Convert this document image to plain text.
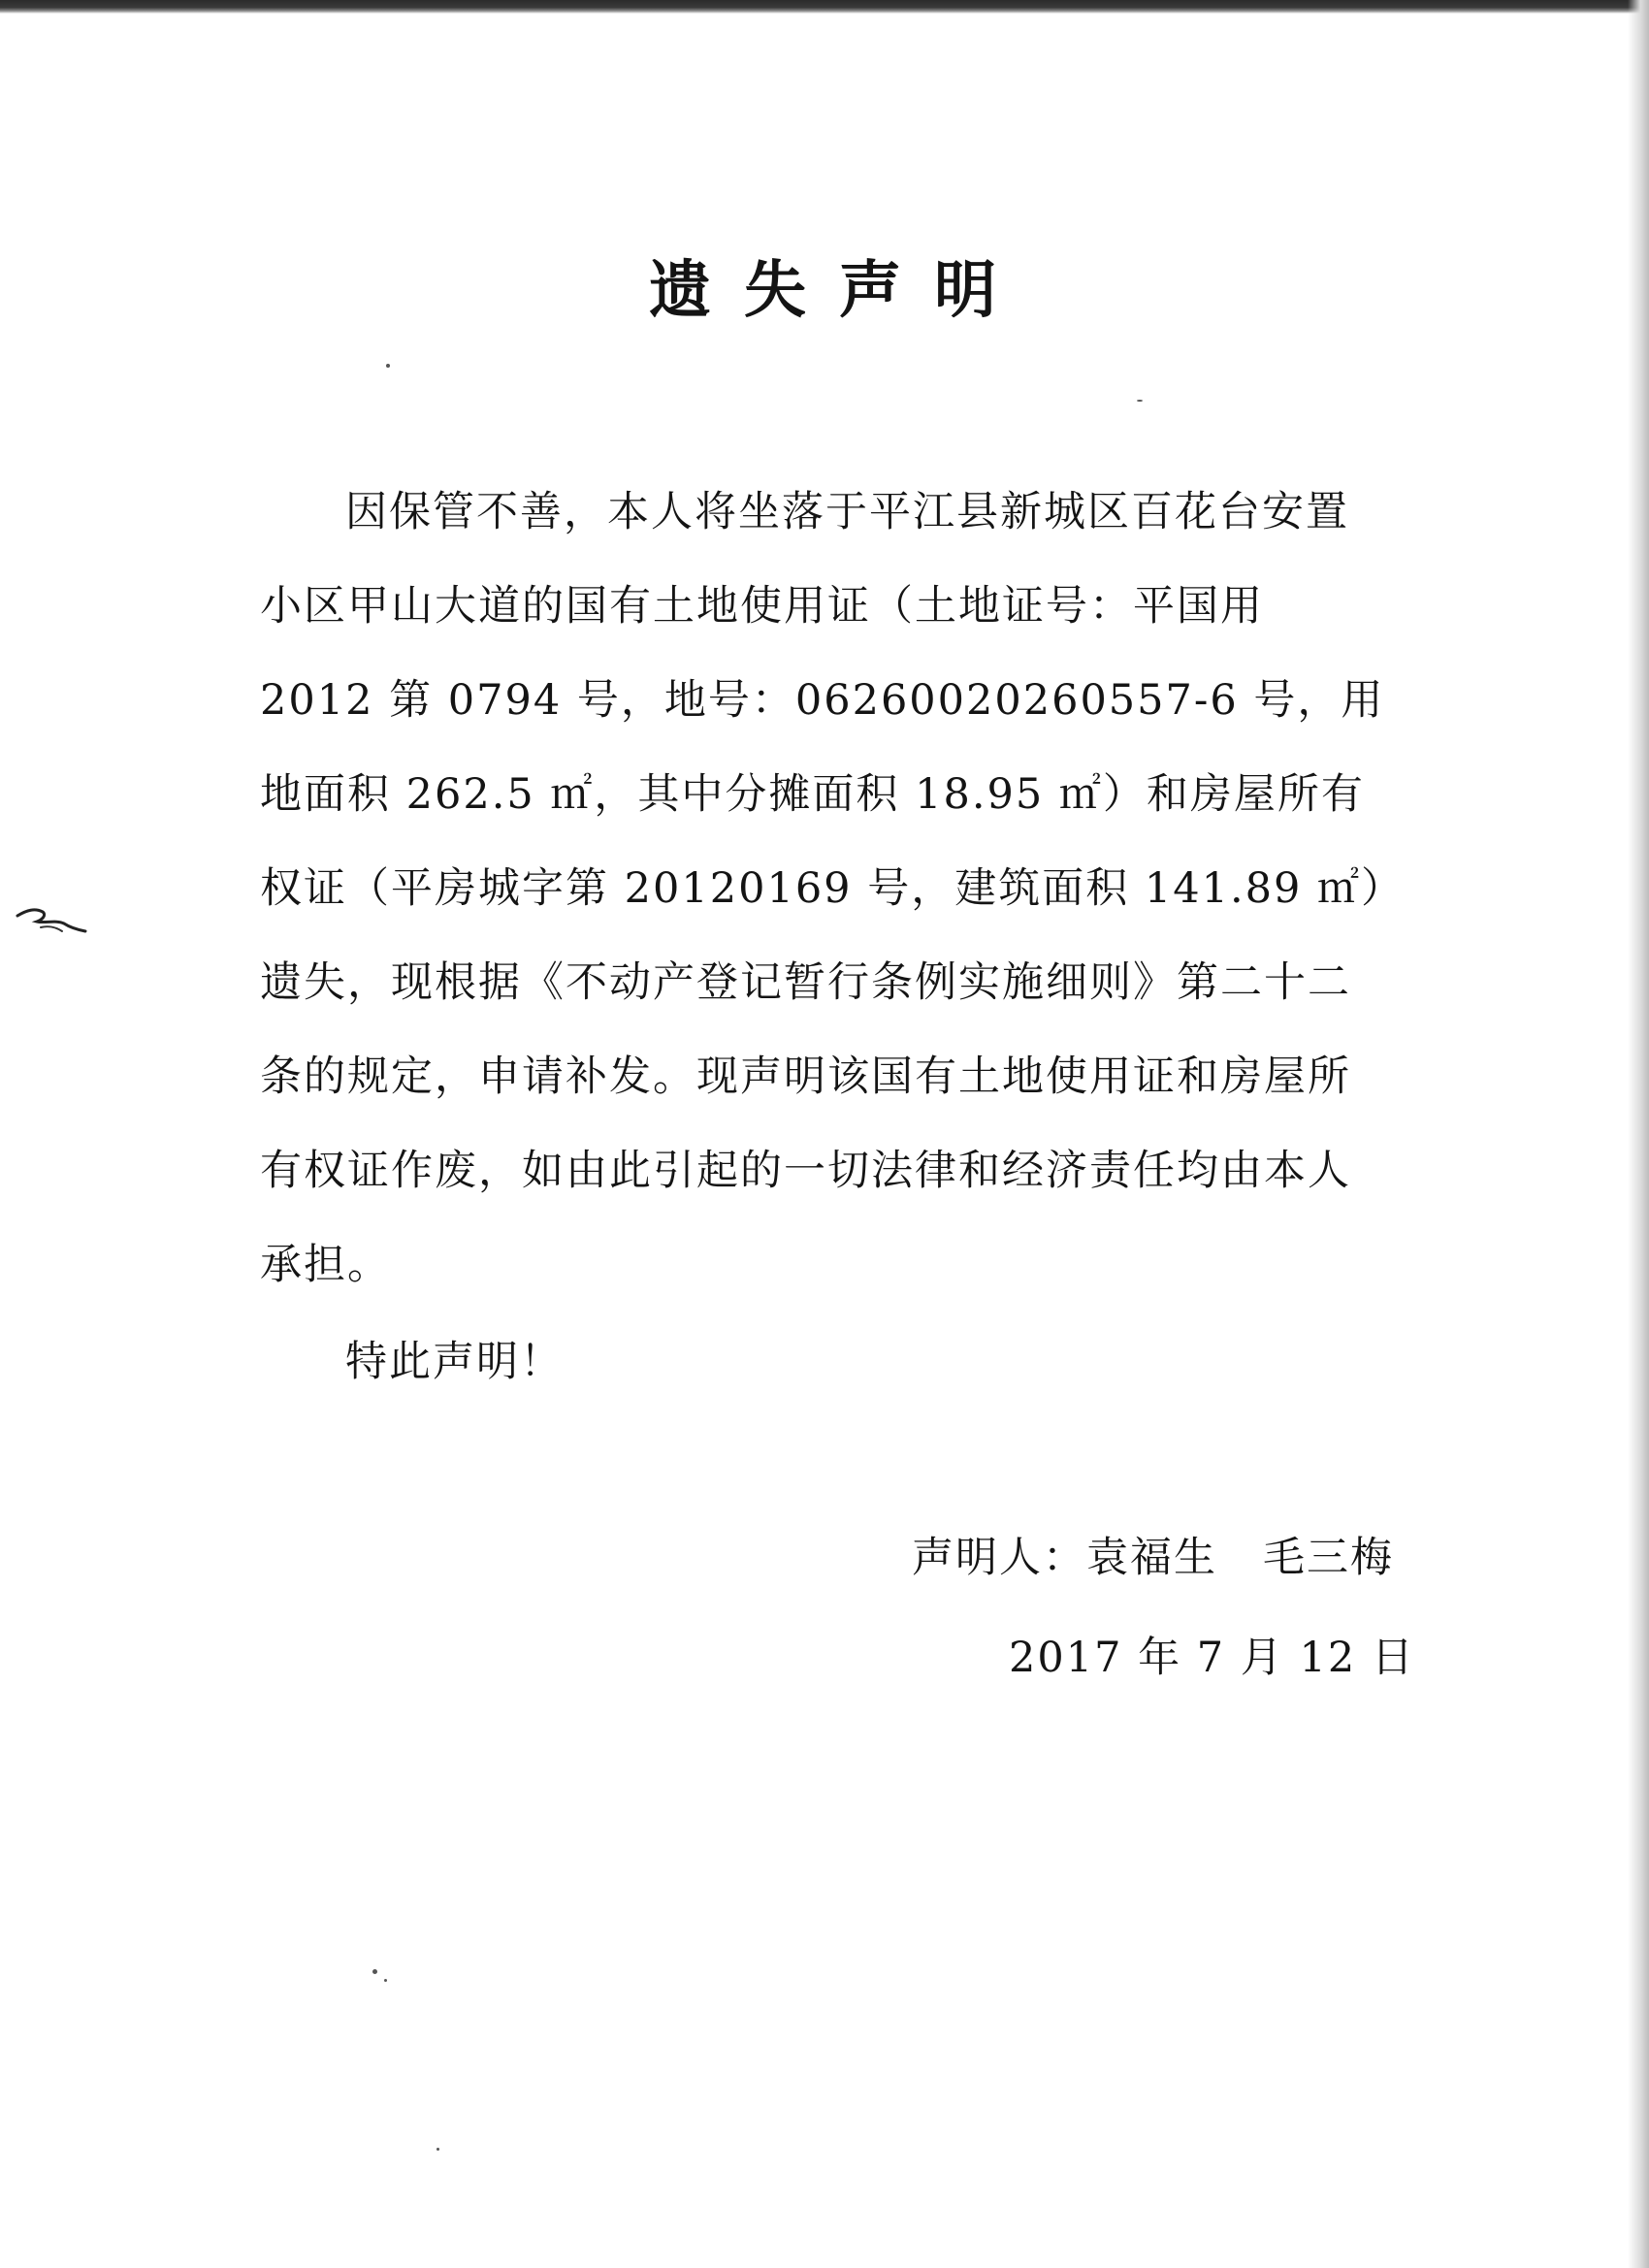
遗失声明

因保管不善，本人将坐落于平江县新城区百花台安置小区甲山大道的国有土地使用证（土地证号：平国用 2012 第 0794 号，地号：06260020260557-6 号，用地面积 262.5 ㎡，其中分摊面积 18.95 ㎡）和房屋所有权证（平房城字第 20120169 号，建筑面积 141.89 ㎡）遗失，现根据《不动产登记暂行条例实施细则》第二十二条的规定，申请补发。现声明该国有土地使用证和房屋所有权证作废，如由此引起的一切法律和经济责任均由本人承担。

特此声明！

声明人：袁福生   毛三梅
2017 年 7 月 12 日
